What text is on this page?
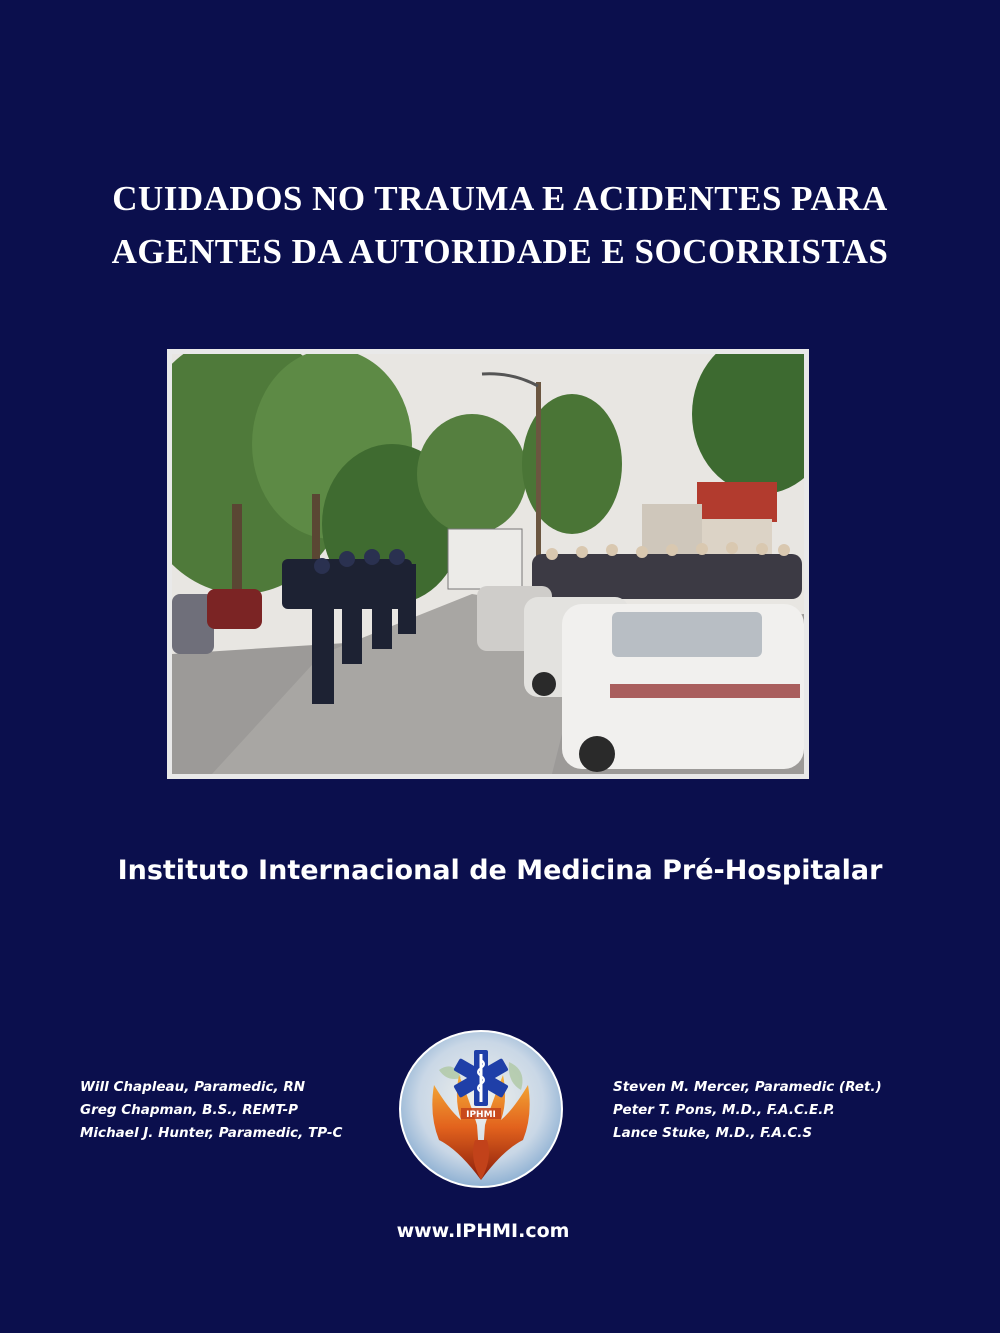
CUIDADOS NO TRAUMA E ACIDENTES PARA
AGENTES DA AUTORIDADE E SOCORRISTAS
Instituto Internacional de Medicina Pré-Hospitalar
Will Chapleau, Paramedic, RN
Greg Chapman, B.S., REMT-P
Michael J. Hunter, Paramedic, TP-C
IPHMI
Steven M. Mercer, Paramedic (Ret.)
Peter T. Pons, M.D., F.A.C.E.P.
Lance Stuke, M.D., F.A.C.S
www.IPHMI.com
